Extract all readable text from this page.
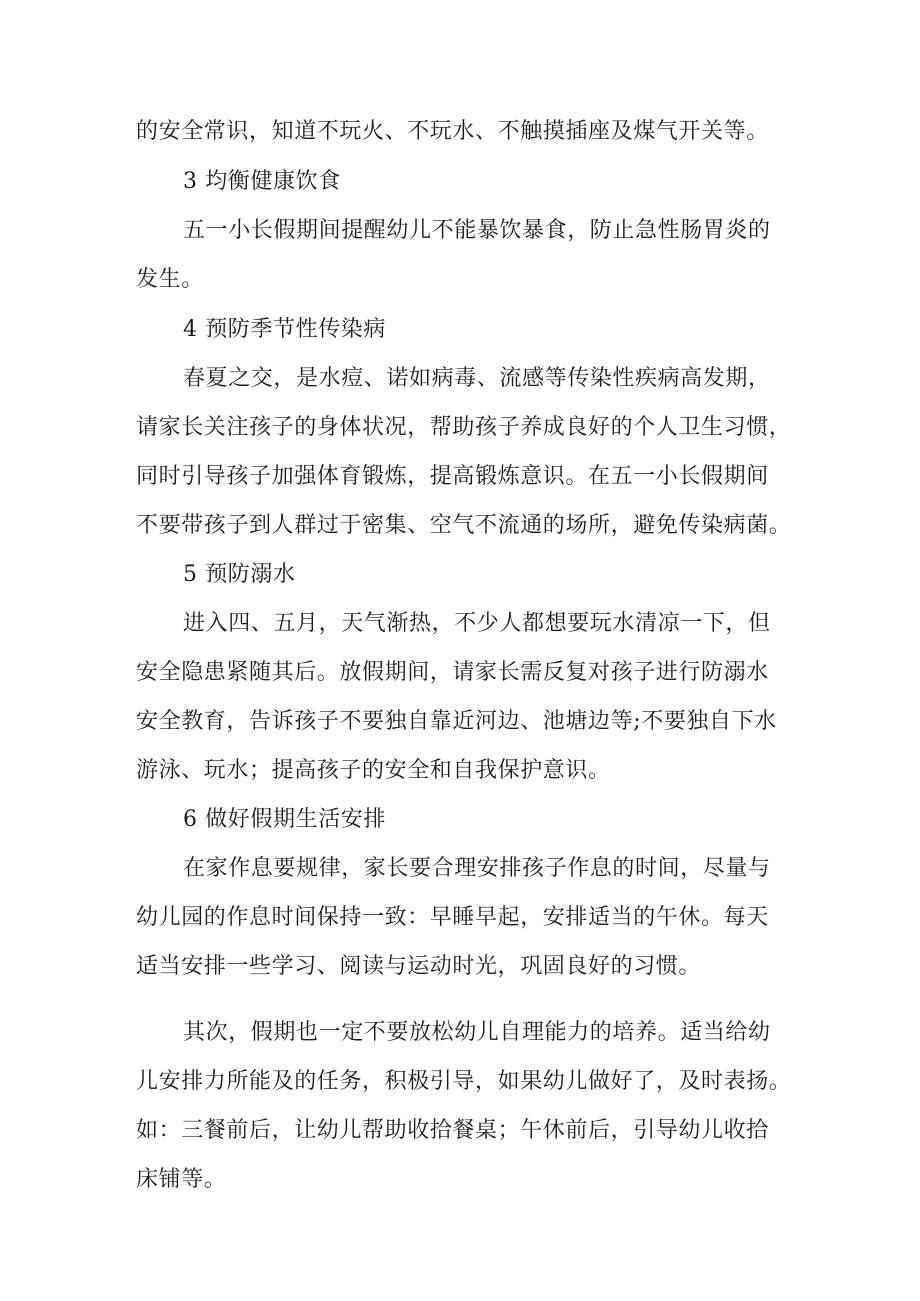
的安全常识，知道不玩火、不玩水、不触摸插座及煤气开关等。
3 均衡健康饮食
五一小长假期间提醒幼儿不能暴饮暴食，防止急性肠胃炎的
发生。
4 预防季节性传染病
春夏之交，是水痘、诺如病毒、流感等传染性疾病高发期，
请家长关注孩子的身体状况，帮助孩子养成良好的个人卫生习惯，
同时引导孩子加强体育锻炼，提高锻炼意识。在五一小长假期间
不要带孩子到人群过于密集、空气不流通的场所，避免传染病菌。
5 预防溺水
进入四、五月，天气渐热，不少人都想要玩水清凉一下，但
安全隐患紧随其后。放假期间，请家长需反复对孩子进行防溺水
安全教育，告诉孩子不要独自靠近河边、池塘边等;不要独自下水
游泳、玩水；提高孩子的安全和自我保护意识。
6 做好假期生活安排
在家作息要规律，家长要合理安排孩子作息的时间，尽量与
幼儿园的作息时间保持一致：早睡早起，安排适当的午休。每天
适当安排一些学习、阅读与运动时光，巩固良好的习惯。
其次，假期也一定不要放松幼儿自理能力的培养。适当给幼
儿安排力所能及的任务，积极引导，如果幼儿做好了，及时表扬。
如：三餐前后，让幼儿帮助收拾餐桌；午休前后，引导幼儿收拾
床铺等。
